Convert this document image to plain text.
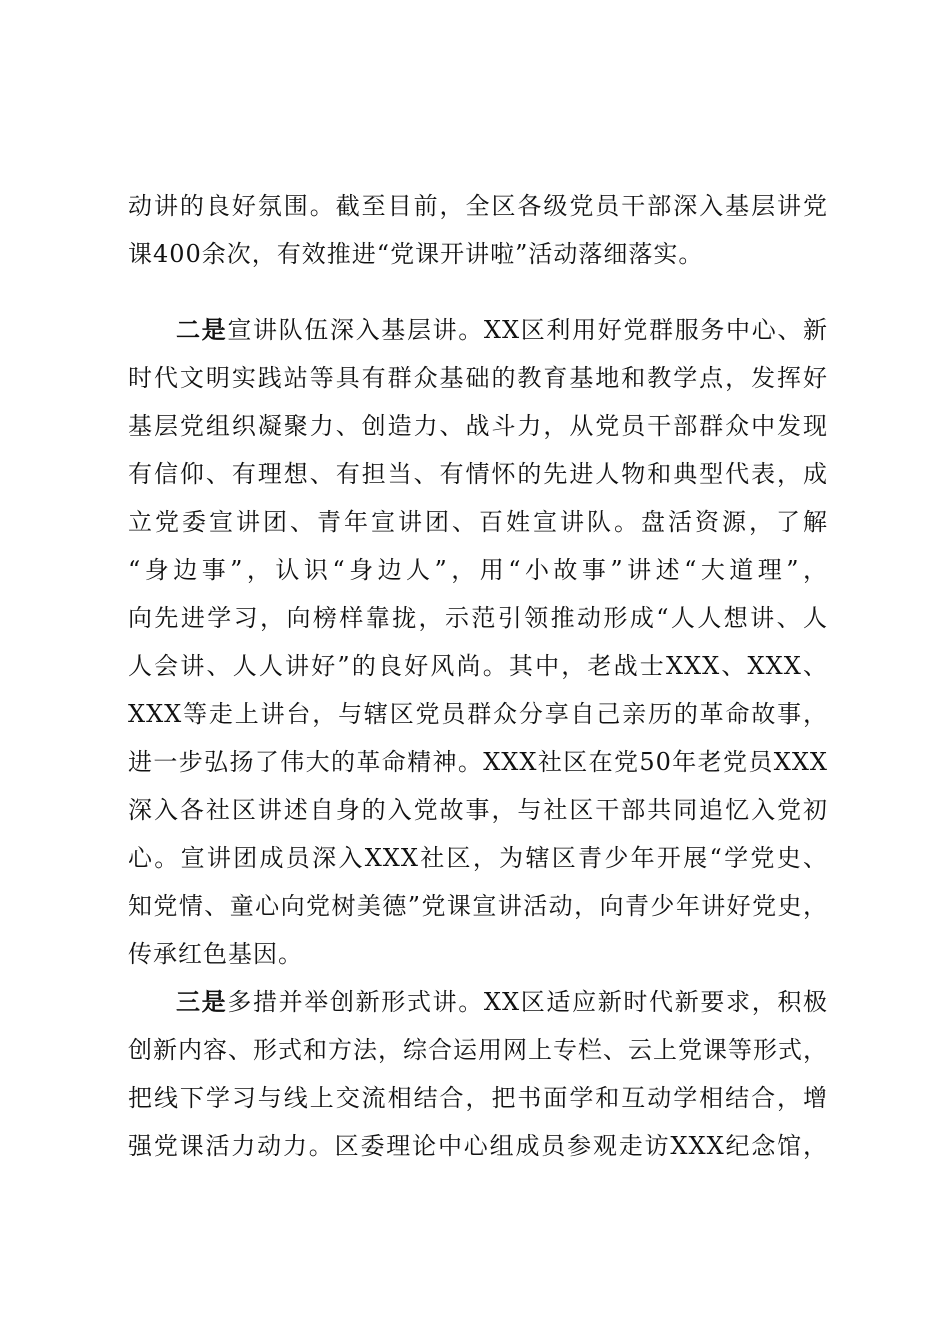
动讲的良好氛围。截至目前，全区各级党员干部深入基层讲党
课400余次，有效推进“党课开讲啦”活动落细落实。
二是宣讲队伍深入基层讲。XX区利用好党群服务中心、新
时代文明实践站等具有群众基础的教育基地和教学点，发挥好
基层党组织凝聚力、创造力、战斗力，从党员干部群众中发现
有信仰、有理想、有担当、有情怀的先进人物和典型代表，成
立党委宣讲团、青年宣讲团、百姓宣讲队。盘活资源，了解
“身边事”，认识“身边人”，用“小故事”讲述“大道理”，
向先进学习，向榜样靠拢，示范引领推动形成“人人想讲、人
人会讲、人人讲好”的良好风尚。其中，老战士XXX、XXX、
XXX等走上讲台，与辖区党员群众分享自己亲历的革命故事，
进一步弘扬了伟大的革命精神。XXX社区在党50年老党员XXX
深入各社区讲述自身的入党故事，与社区干部共同追忆入党初
心。宣讲团成员深入XXX社区，为辖区青少年开展“学党史、
知党情、童心向党树美德”党课宣讲活动，向青少年讲好党史，
传承红色基因。
三是多措并举创新形式讲。XX区适应新时代新要求，积极
创新内容、形式和方法，综合运用网上专栏、云上党课等形式，
把线下学习与线上交流相结合，把书面学和互动学相结合，增
强党课活力动力。区委理论中心组成员参观走访XXX纪念馆，
